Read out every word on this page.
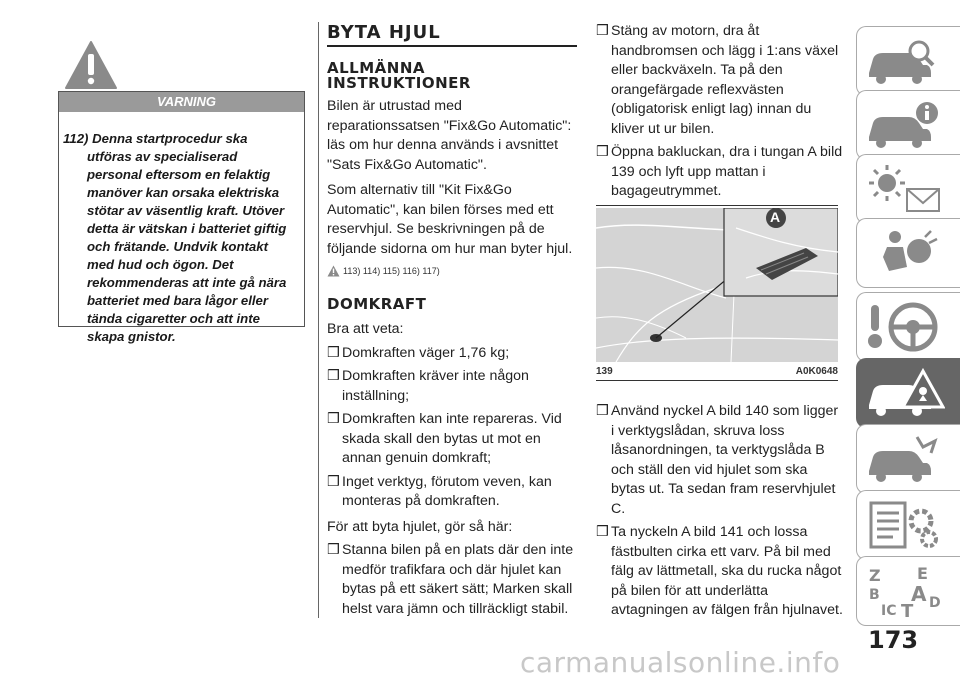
VARNING
112) Denna startprocedur ska utföras av specialiserad personal eftersom en felaktig manöver kan orsaka elektriska stötar av väsentlig kraft. Utöver detta är vätskan i batteriet giftig och frätande. Undvik kontakt med hud och ögon. Det rekommenderas att inte gå nära batteriet med bara lågor eller tända cigaretter och att inte skapa gnistor.
BYTA HJUL
ALLMÄNNA INSTRUKTIONER

Bilen är utrustad med reparationssatsen "Fix&Go Automatic": läs om hur denna används i avsnittet "Sats Fix&Go Automatic".

Som alternativ till "Kit Fix&Go Automatic", kan bilen förses med ett reservhjul. Se beskrivningen på de följande sidorna om hur man byter hjul.

113) 114) 115) 116) 117)
DOMKRAFT

Bra att veta:

❒ Domkraften väger 1,76 kg;

❒ Domkraften kräver inte någon inställning;

❒ Domkraften kan inte repareras. Vid skada skall den bytas ut mot en annan genuin domkraft;

❒ Inget verktyg, förutom veven, kan monteras på domkraften.

För att byta hjulet, gör så här:

❒ Stanna bilen på en plats där den inte medför trafikfara och där hjulet kan bytas på ett säkert sätt; Marken skall helst vara jämn och tillräckligt stabil.

❒ Stäng av motorn, dra åt handbromsen och lägg i 1:ans växel eller backväxeln. Ta på den orangefärgade reflexvästen (obligatorisk enligt lag) innan du kliver ut ur bilen.

❒ Öppna bakluckan, dra i tungan A bild 139 och lyft upp mattan i bagageutrymmet.

A
139	A0K0648

❒ Använd nyckel A bild 140 som ligger i verktygslådan, skruva loss låsanordningen, ta verktygslåda B och ställ den vid hjulet som ska bytas ut. Ta sedan fram reservhjulet C.

❒ Ta nyckeln A bild 141 och lossa fästbulten cirka ett varv. På bil med fälg av lättmetall, ska du rucka något på bilen för att underlätta avtagningen av fälgen från hjulnavet.

Z E
B A
IC T D
173
carmanualsonline.info
